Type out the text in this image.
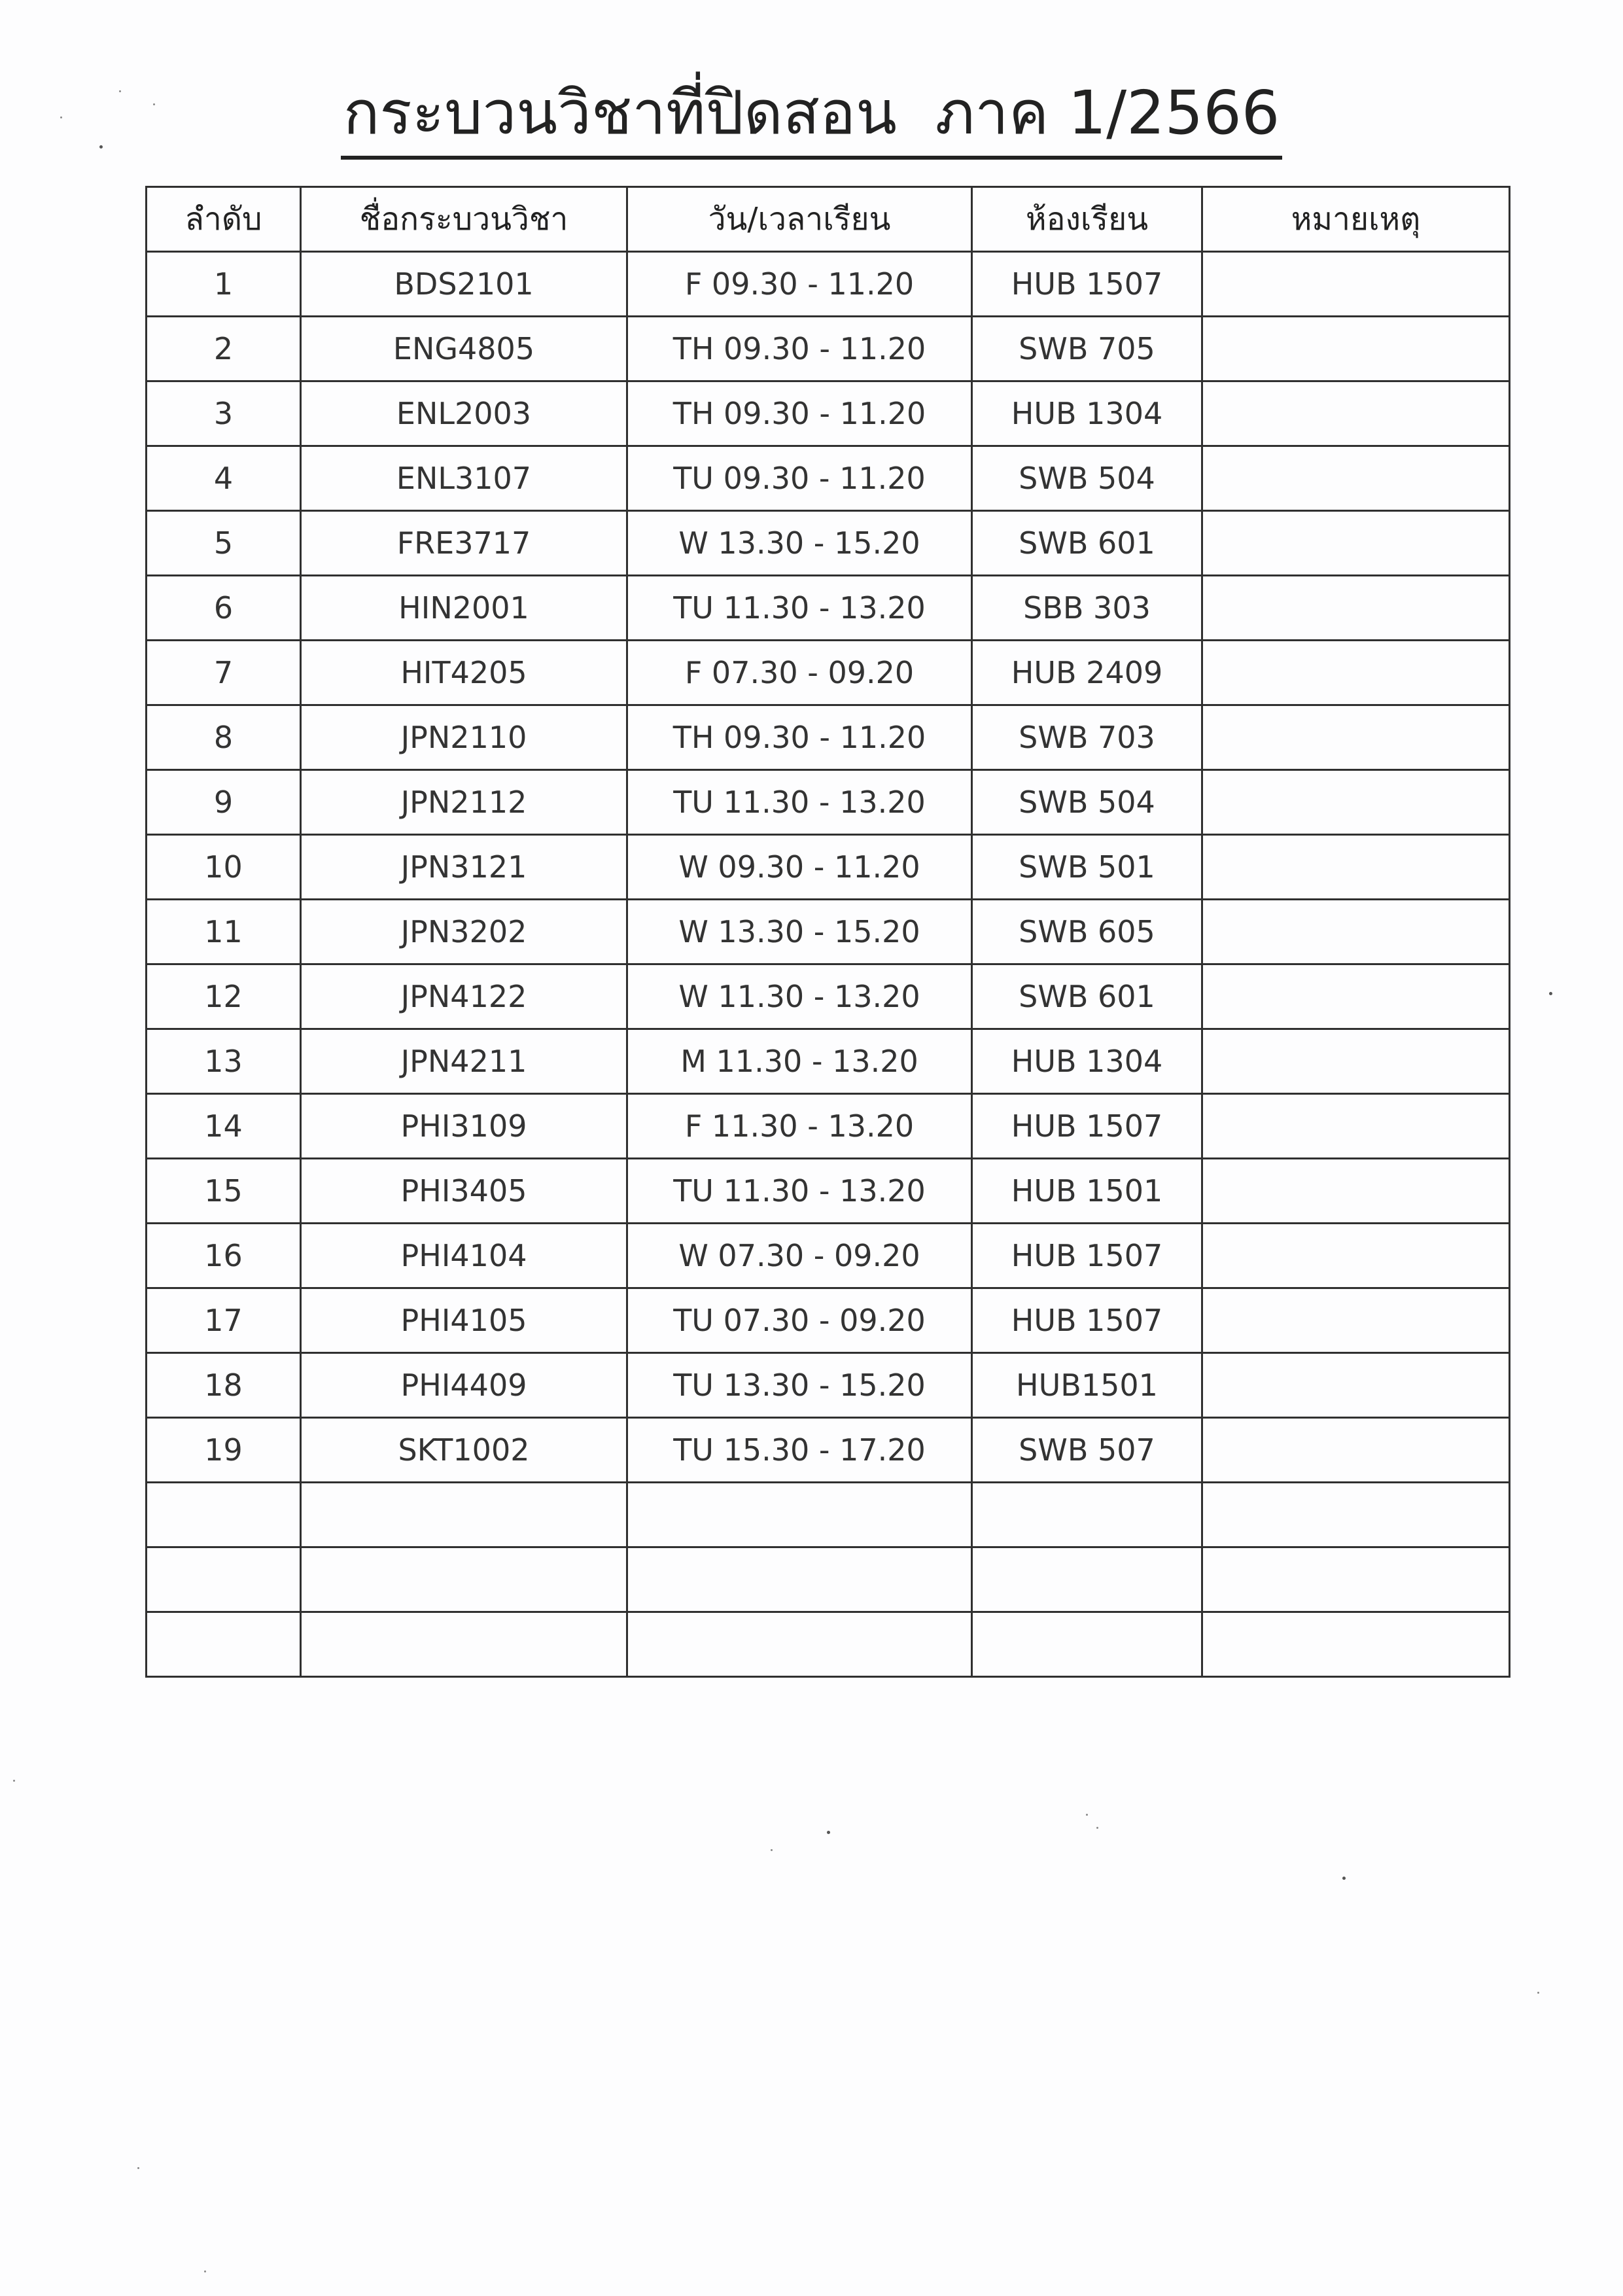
กระบวนวิชาที่ปิดสอน  ภาค 1/2566
ลำดับ	ชื่อกระบวนวิชา	วัน/เวลาเรียน	ห้องเรียน	หมายเหตุ
1	BDS2101	F 09.30 - 11.20	HUB 1507	
2	ENG4805	TH 09.30 - 11.20	SWB 705	
3	ENL2003	TH 09.30 - 11.20	HUB 1304	
4	ENL3107	TU 09.30 - 11.20	SWB 504	
5	FRE3717	W 13.30 - 15.20	SWB 601	
6	HIN2001	TU 11.30 - 13.20	SBB 303	
7	HIT4205	F 07.30 - 09.20	HUB 2409	
8	JPN2110	TH 09.30 - 11.20	SWB 703	
9	JPN2112	TU 11.30 - 13.20	SWB 504	
10	JPN3121	W 09.30 - 11.20	SWB 501	
11	JPN3202	W 13.30 - 15.20	SWB 605	
12	JPN4122	W 11.30 - 13.20	SWB 601	
13	JPN4211	M 11.30 - 13.20	HUB 1304	
14	PHI3109	F 11.30 - 13.20	HUB 1507	
15	PHI3405	TU 11.30 - 13.20	HUB 1501	
16	PHI4104	W 07.30 - 09.20	HUB 1507	
17	PHI4105	TU 07.30 - 09.20	HUB 1507	
18	PHI4409	TU 13.30 - 15.20	HUB1501	
19	SKT1002	TU 15.30 - 17.20	SWB 507	
